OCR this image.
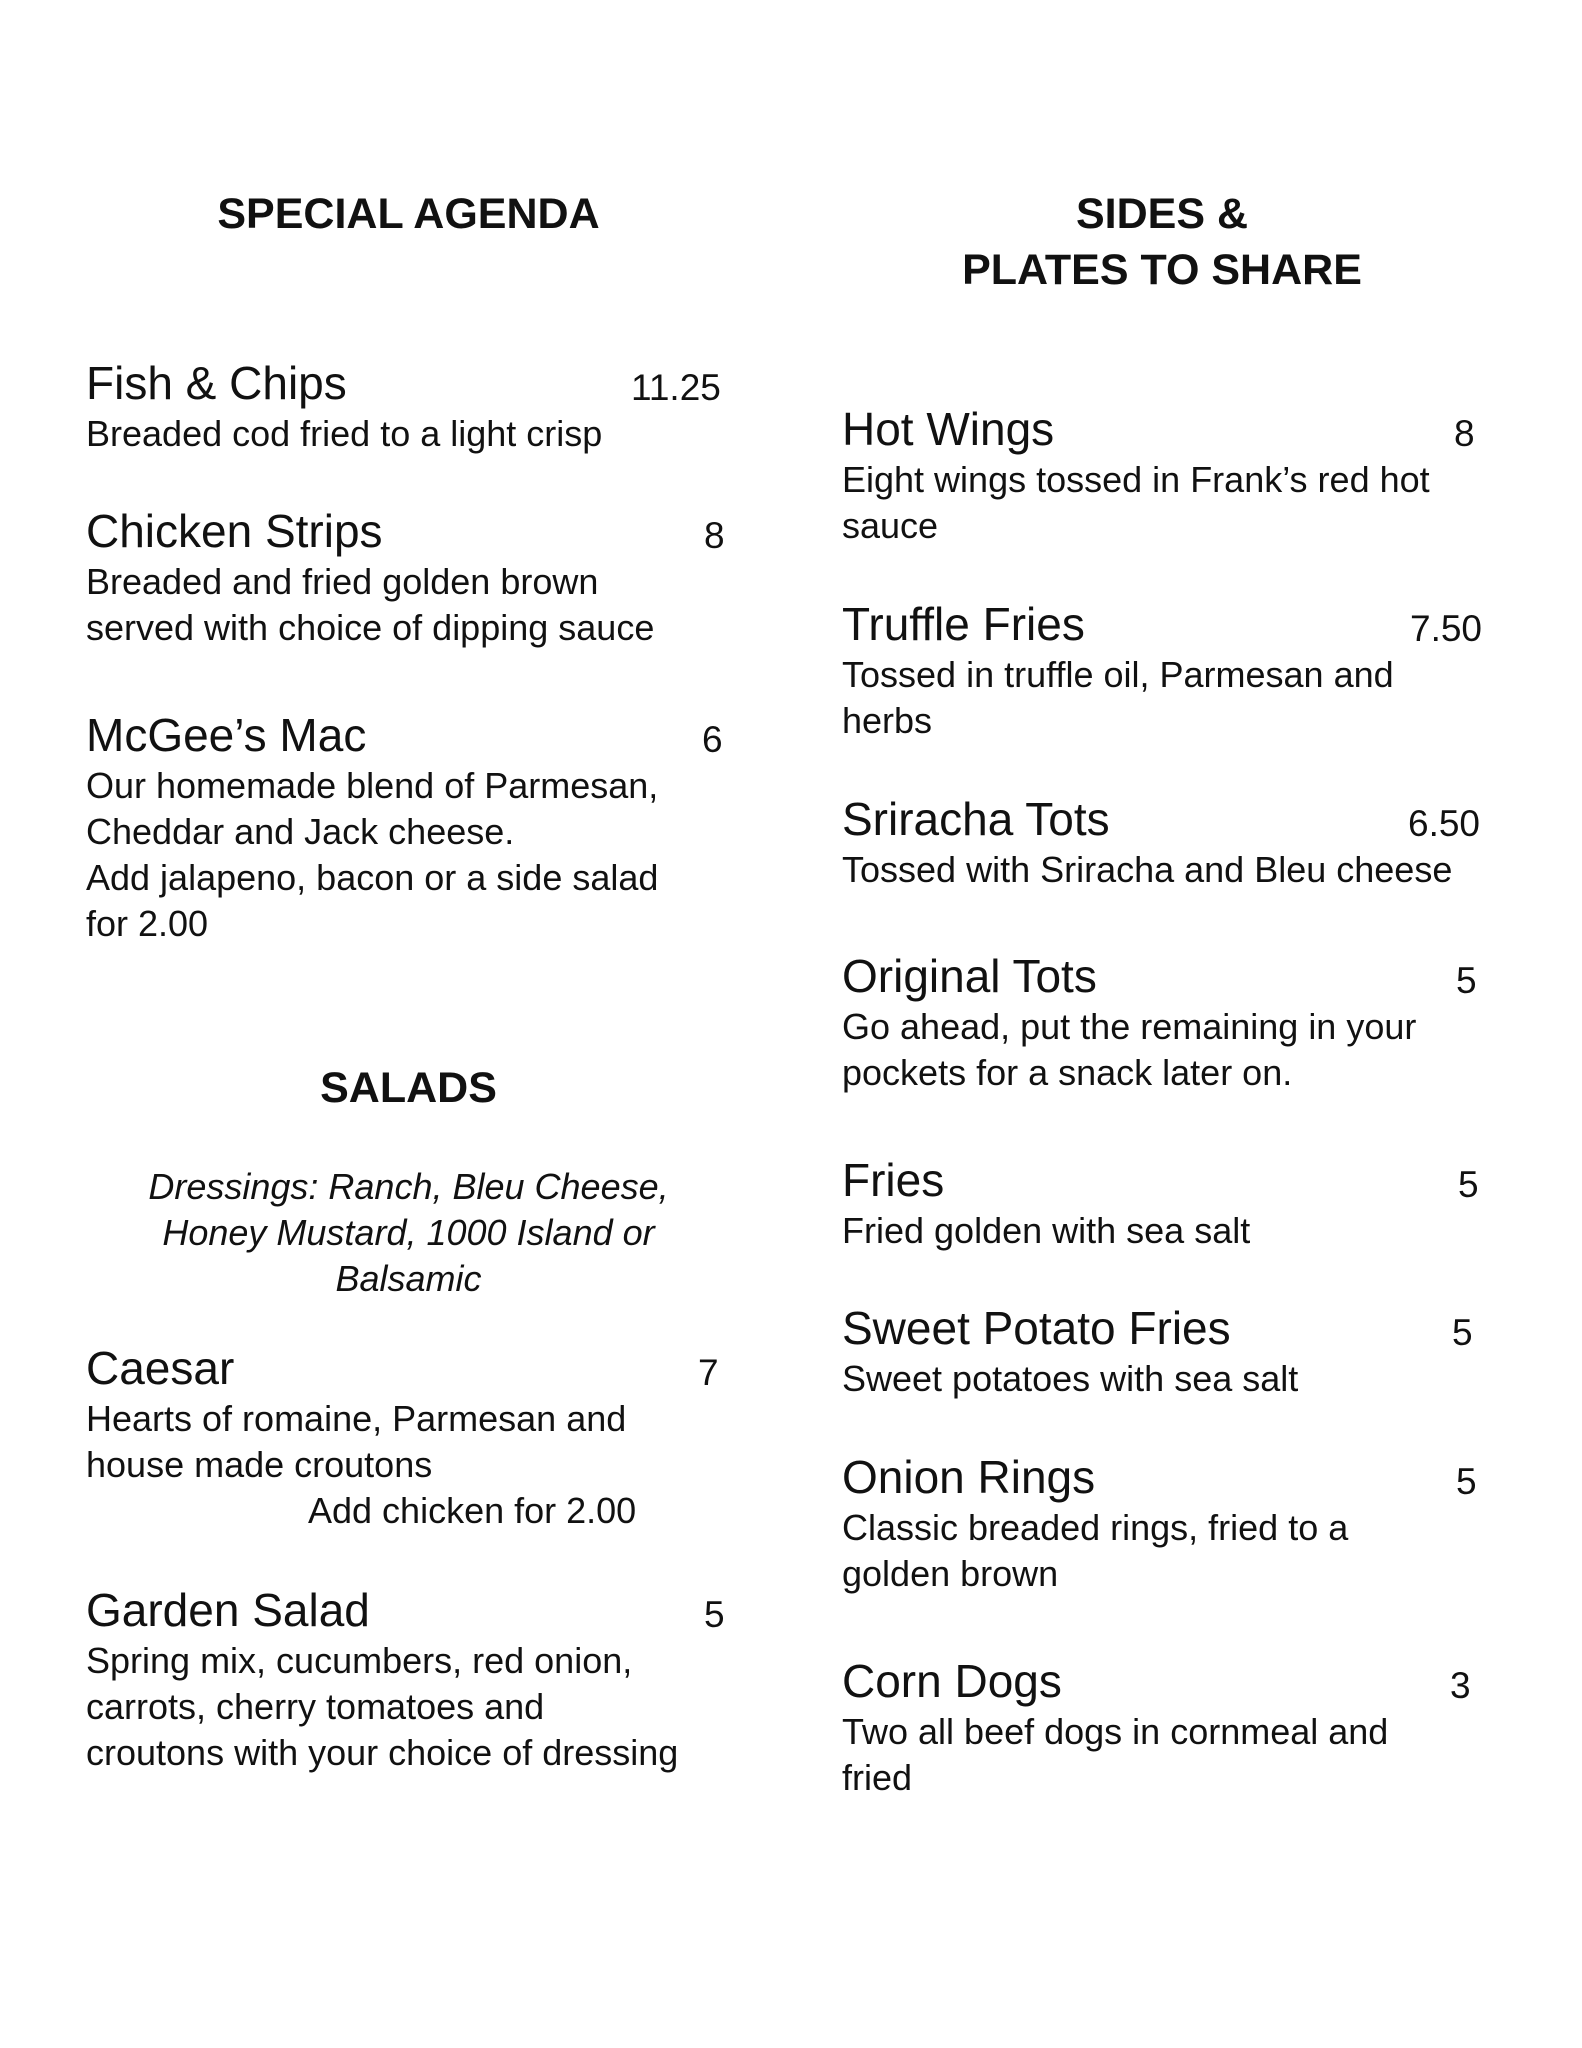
SPECIAL AGENDA
Fish & Chips	11.25
Breaded cod fried to a light crisp
Chicken Strips	8
Breaded and fried golden brown
served with choice of dipping sauce
McGee’s Mac	6
Our homemade blend of Parmesan,
Cheddar and Jack cheese.
Add jalapeno, bacon or a side salad
for 2.00
SALADS
Dressings: Ranch, Bleu Cheese,
Honey Mustard, 1000 Island or
Balsamic
Caesar	7
Hearts of romaine, Parmesan and
house made croutons
Add chicken for 2.00
Garden Salad	5
Spring mix, cucumbers, red onion,
carrots, cherry tomatoes and
croutons with your choice of dressing
SIDES &
PLATES TO SHARE
Hot Wings	8
Eight wings tossed in Frank’s red hot
sauce
Truffle Fries	7.50
Tossed in truffle oil, Parmesan and
herbs
Sriracha Tots	6.50
Tossed with Sriracha and Bleu cheese
Original Tots	5
Go ahead, put the remaining in your
pockets for a snack later on.
Fries	5
Fried golden with sea salt
Sweet Potato Fries	5
Sweet potatoes with sea salt
Onion Rings	5
Classic breaded rings, fried to a
golden brown
Corn Dogs	3
Two all beef dogs in cornmeal and
fried
